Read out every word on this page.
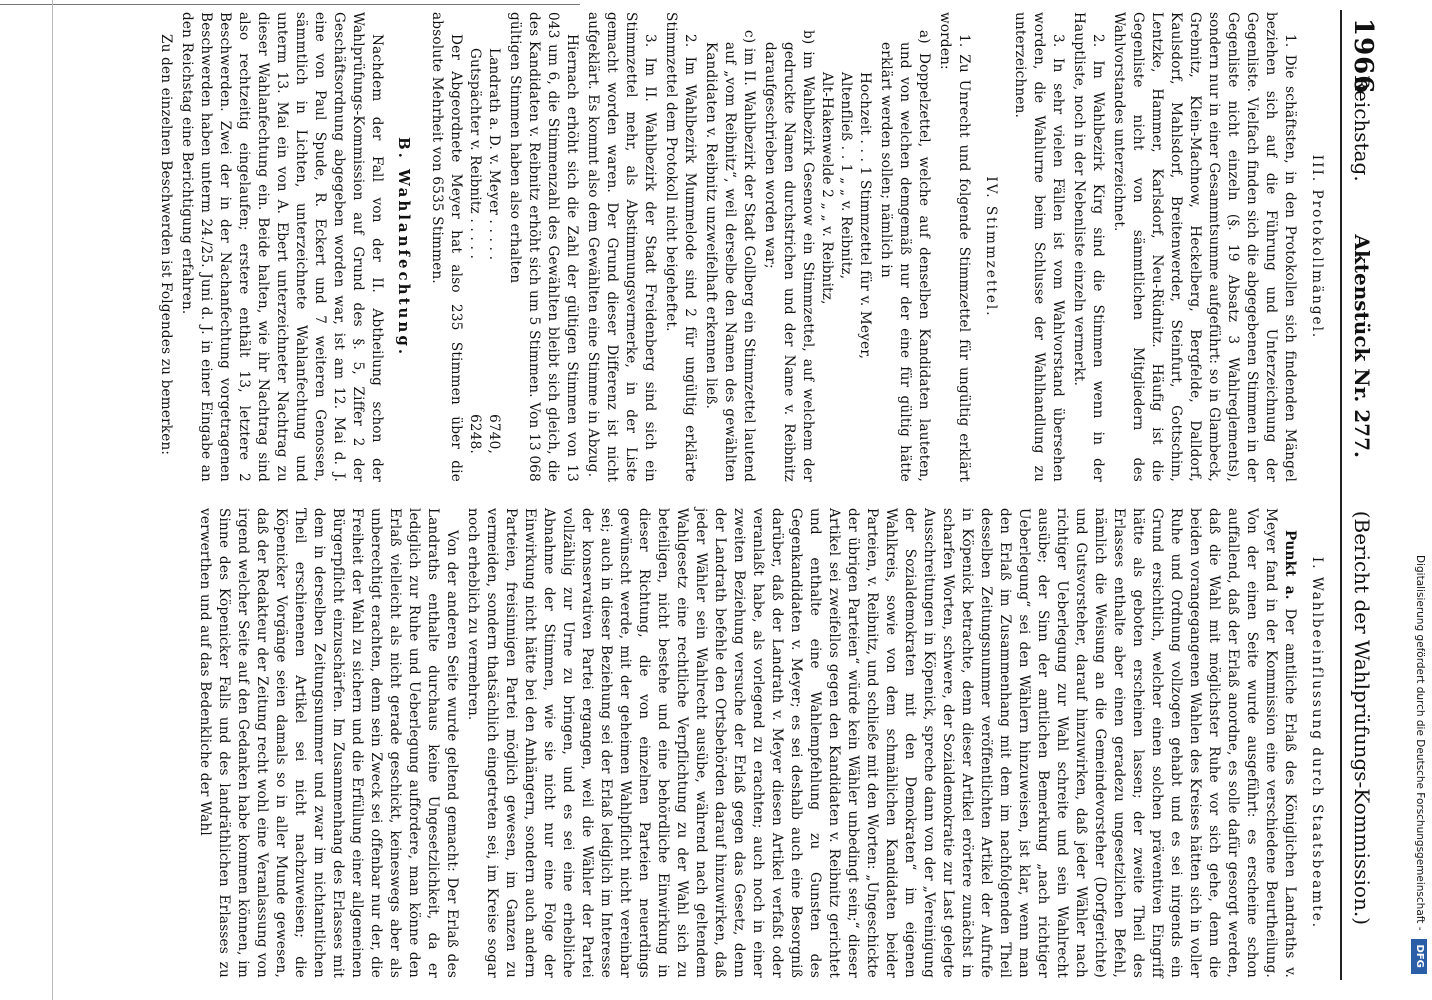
1966
Reichstag.  Aktenstück Nr. 277.  (Bericht der Wahlprüfungs-Kommission.)
III. Protokollmängel.

1. Die schäftsten, in den Protokollen sich findenden Mängel beziehen sich auf die Führung und Unterzeichnung der Gegenliste. Vielfach finden sich die abgegebenen Stimmen in der Gegenliste nicht einzeln (§. 19 Absatz 3 Wahlreglements), sondern nur in einer Gesammtsumme aufgeführt: so in Glambeck, Grebnitz, Klein-Machnow, Heckelberg, Bergfelde, Dalldorf, Kaulsdorf, Mahlsdorf, Breitenwerder, Steinfurt, Gottschim, Lentzke, Hammer, Karlsdorf, Neu-Rüdnitz. Häufig ist die Gegenliste nicht von sämmtlichen Mitgliedern des Wahlvorstandes unterzeichnet.

2. Im Wahlbezirk Kirg sind die Stimmen wenn in der Hauptliste, noch in der Nebenliste einzeln vermerkt.

3. In sehr vielen Fällen ist vom Wahlvorstand übersehen worden, die Wahlurne beim Schlusse der Wahlhandlung zu unterzeichnen.

IV. Stimmzettel.

1. Zu Unrecht und folgende Stimmzettel für ungültig erklärt worden:

a) Doppelzettel, welche auf denselben Kandidaten lauteten, und von welchen demgemäß nur der eine für gültig hätte erklärt werden sollen; nämlich in

Hochzeit . . . 1 Stimmzettel für v. Meyer,

Altenfließ . . 1 „ „ v. Reibnitz,

Alt-Hakenwelde 2 „ „ v. Reibnitz,

b) im Wahlbezirk Gesenow ein Stimmzettel, auf welchem der gedruckte Namen durchstrichen und der Name v. Reibnitz daraufgeschrieben worden war;

c) im II. Wahlbezirk der Stadt Gollberg ein Stimmzettel lautend auf „vom Reibnitz“, weil derselbe den Namen des gewählten Kandidaten v. Reibnitz unzweifelhaft erkennen ließ.

2. Im Wahlbezirk Mummelode sind 2 für ungültig erklärte Stimmzettel dem Protokoll nicht beigeheftet.

3. Im II. Wahlbezirk der Stadt Freidenberg sind sich ein Stimmzettel mehr, als Abstimmungsvermerke, in der Liste gemacht worden waren. Der Grund dieser Differenz ist nicht aufgeklärt. Es kommt also dem Gewählten eine Stimme in Abzug.

Hiernach erhöht sich die Zahl der gültigen Stimmen von 13 043 um 6, die Stimmenzahl des Gewählten bleibt sich gleich, die des Kandidaten v. Reibnitz erhöht sich um 5 Stimmen. Von 13 068 gültigen Stimmen haben also erhalten

Landrath a. D. v. Meyer . . . . .
6740,
Gutspächter v. Reibnitz . . . . .
6248.

Der Abgeordnete Meyer hat also 235 Stimmen über die absolute Mehrheit von 6535 Stimmen.

B. Wahlanfechtung.

Nachdem der Fall von der II. Abtheilung schon der Wahlprüfungs-Kommission auf Grund des §. 5, Ziffer 2 der Geschäftsordnung abgegeben worden war, ist am 12. Mai d. J. eine von Paul Spude, R. Eckert und 7 weiteren Genossen, sämmtlich in Lichten, unterzeichnete Wahlanfechtung und unterm 13. Mai ein von A. Ebert unterzeichneter Nachtrag zu dieser Wahlanfechtung ein. Beide halten, wie ihr Nachtrag sind also rechtzeitig eingelaufen; erstere enthält 13, letztere 2 Beschwerden. Zwei der in der Nachanfechtung vorgetragenen Beschwerden haben unterm 24./25. Juni d. J. in einer Eingabe an den Reichstag eine Berichtigung erfahren.

Zu den einzelnen Beschwerden ist Folgendes zu bemerken:

I. Wahlbeeinflussung durch Staatsbeamte.

Punkt a. Der amtliche Erlaß des Königlichen Landraths v. Meyer fand in der Kommission eine verschiedene Beurtheilung. Von der einen Seite wurde ausgeführt: es erscheine schon auffallend, daß der Erlaß anordne, es solle dafür gesorgt werden, daß die Wahl mit möglichster Ruhe vor sich gehe, denn die beiden vorangegangenen Wahlen des Kreises hätten sich in voller Ruhe und Ordnung vollzogen gehabt und es sei nirgends ein Grund ersichtlich, welcher einen solchen präventiven Eingriff hätte als geboten erscheinen lassen; der zweite Theil des Erlasses enthalte aber einen geradezu ungesetzlichen Befehl, nämlich die Weisung an die Gemeindevorsteher (Dorfgerichte) und Gutsvorsteher, darauf hinzuwirken, daß jeder Wähler nach richtiger Ueberlegung zur Wahl schreite und sein Wahlrecht ausübe; der Sinn der amtlichen Bemerkung „nach richtiger Ueberlegung“ sei den Wählern hinzuweisen, ist klar, wenn man den Erlaß im Zusammenhang mit dem im nachfolgenden Theil desselben Zeitungsnummer veröffentlichten Artikel der Aufrufe in Köpenick betrachte, denn dieser Artikel erörtere zunächst in scharfen Worten, schwere, der Sozialdemokratie zur Last gelegte Ausschreitungen in Köpenick, spreche dann von der „Vereinigung der Sozialdemokraten mit den Demokraten“ im eigenen Wahlkreis, sowie von dem schmählichen Kandidaten beider Parteien, v. Reibnitz, und schließe mit den Worten: „Ungeschickte der übrigen Parteien“ würde kein Wähler unbedingt sein;“ dieser Artikel sei zweifellos gegen den Kandidaten v. Reibnitz gerichtet und enthalte eine Wahlempfehlung zu Gunsten des Gegenkandidaten v. Meyer; es sei deshalb auch eine Besorgniß darüber, daß der Landrath v. Meyer diesen Artikel verfaßt oder veranlaßt habe, als vorlegend zu erachten; auch noch in einer zweiten Beziehung versuche der Erlaß gegen das Gesetz, denn der Landrath befehle den Ortsbehörden darauf hinzuwirken, daß jeder Wähler sein Wahlrecht ausübe, während nach geltendem Wahlgesetz eine rechtliche Verpflichtung zu der Wahl sich zu beteiligen, nicht bestehe und eine behördliche Einwirkung in dieser Richtung, die von einzelnen Parteien neuerdings gewünscht werde, mit der geheimen Wahlpflicht nicht vereinbar sei; auch in dieser Beziehung sei der Erlaß lediglich im Interesse der konservativen Partei ergangen, weil die Wähler der Partei vollzählig zur Urne zu bringen, und es sei eine erhebliche Abnahme der Stimmen, wie sie nicht nur eine Folge der Einwirkung nicht hätte bei den Anhängern, sondern auch andern Parteien, freisinnigen Partei möglich gewesen, im Ganzen zu vermeiden, sondern thatsächlich eingetreten sei, im Kreise sogar noch erheblich zu vermehren.

Von der anderen Seite wurde geltend gemacht: Der Erlaß des Landraths enthalte durchaus keine Ungesetzlichkeit, da er lediglich zur Ruhe und Ueberlegung auffordere, man könne den Erlaß vielleicht als nicht gerade geschickt, keineswegs aber als unberechtigt erachten, denn sein Zweck sei offenbar nur der, die Freiheit der Wahl zu sichern und die Erfüllung einer allgemeinen Bürgerpflicht einzuschärfen. Im Zusammenhang des Erlasses mit dem in derselben Zeitungsnummer und zwar im nichtamtlichen Theil erschienenen Artikel sei nicht nachzuweisen; die Köpenicker Vorgänge seien damals so in aller Munde gewesen, daß der Redakteur der Zeitung recht wohl eine Veranlassung von irgend welcher Seite auf den Gedanken habe kommen können, im Sinne des Köpenicker Falls und des landräthlichen Erlasses zu verwerthen und auf das Bedenkliche der Wahl	Digitalisierung gefördert durch die Deutsche Forschungsgemeinschaft -DFG
